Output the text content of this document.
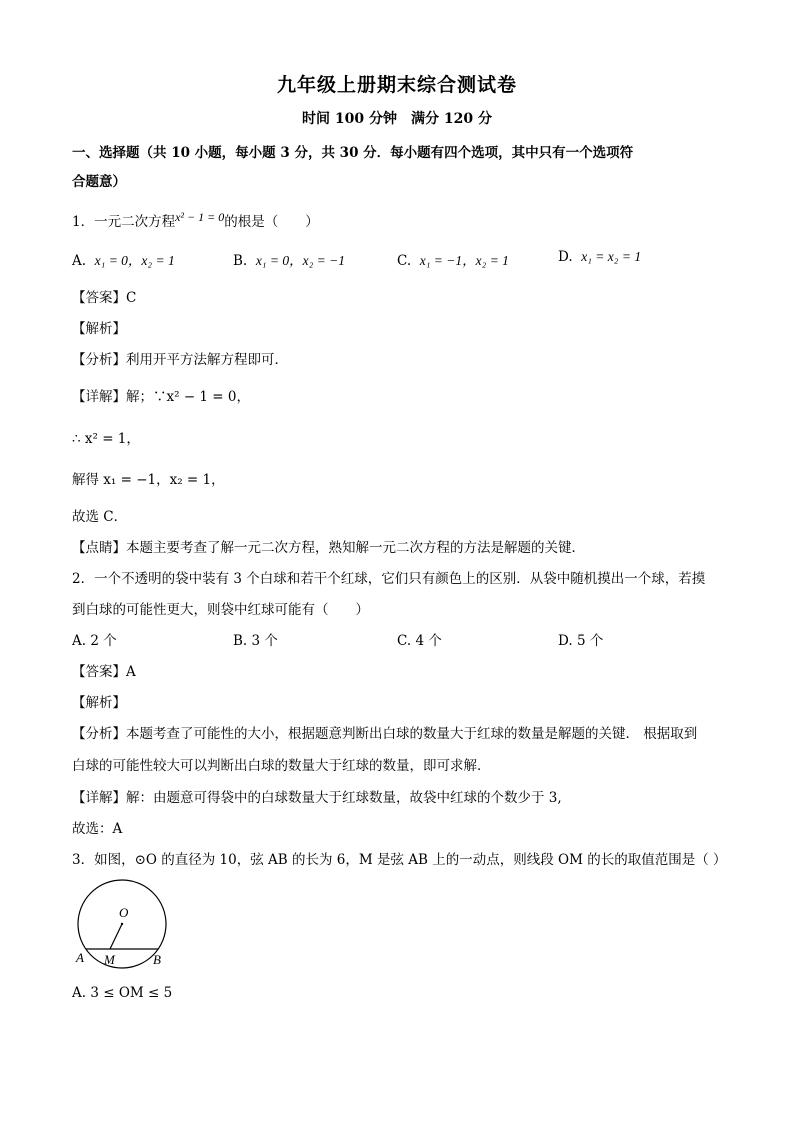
九年级上册期末综合测试卷
时间 100 分钟　满分 120 分
一、选择题（共 10 小题，每小题 3 分，共 30 分．每小题有四个选项，其中只有一个选项符
合题意）
1．一元二次方程x² − 1 = 0的根是（　　）
A. x₁ = 0，x₂ = 1	B. x₁ = 0，x₂ = −1	C. x₁ = −1，x₂ = 1	D. x₁ = x₂ = 1
【答案】C
【解析】
【分析】利用开平方法解方程即可．
【详解】解；∵x² − 1 = 0，
∴ x² = 1，
解得 x₁ = −1，x₂ = 1，
故选 C．
【点睛】本题主要考查了解一元二次方程，熟知解一元二次方程的方法是解题的关键．
2．一个不透明的袋中装有 3 个白球和若干个红球，它们只有颜色上的区别．从袋中随机摸出一个球，若摸
到白球的可能性更大，则袋中红球可能有（　　）
A. 2 个	B. 3 个	C. 4 个	D. 5 个
【答案】A
【解析】
【分析】本题考查了可能性的大小，根据题意判断出白球的数量大于红球的数量是解题的关键． 根据取到
白球的可能性较大可以判断出白球的数量大于红球的数量，即可求解．
【详解】解：由题意可得袋中的白球数量大于红球数量，故袋中红球的个数少于 3,
故选：A
3．如图，⊙O 的直径为 10，弦 AB 的长为 6，M 是弦 AB 上的一动点，则线段 OM 的长的取值范围是（ ）
O
A M	B
A. 3 ≤ OM ≤ 5
